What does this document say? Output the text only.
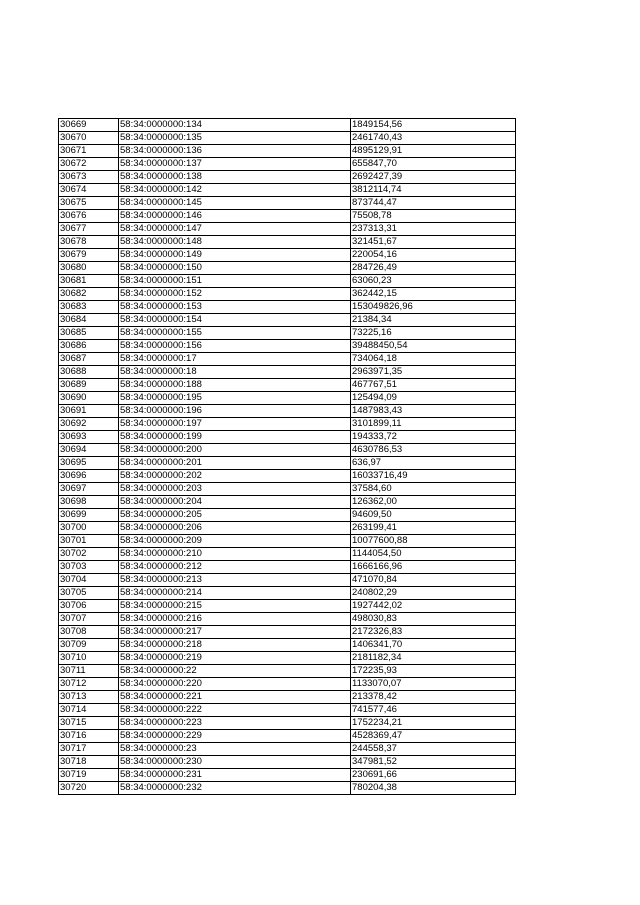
30669	58:34:0000000:134	1849154,56
30670	58:34:0000000:135	2461740,43
30671	58:34:0000000:136	4895129,91
30672	58:34:0000000:137	655847,70
30673	58:34:0000000:138	2692427,39
30674	58:34:0000000:142	3812114,74
30675	58:34:0000000:145	873744,47
30676	58:34:0000000:146	75508,78
30677	58:34:0000000:147	237313,31
30678	58:34:0000000:148	321451,67
30679	58:34:0000000:149	220054,16
30680	58:34:0000000:150	284726,49
30681	58:34:0000000:151	63060,23
30682	58:34:0000000:152	362442,15
30683	58:34:0000000:153	153049826,96
30684	58:34:0000000:154	21384,34
30685	58:34:0000000:155	73225,16
30686	58:34:0000000:156	39488450,54
30687	58:34:0000000:17	734064,18
30688	58:34:0000000:18	2963971,35
30689	58:34:0000000:188	467767,51
30690	58:34:0000000:195	125494,09
30691	58:34:0000000:196	1487983,43
30692	58:34:0000000:197	3101899,11
30693	58:34:0000000:199	194333,72
30694	58:34:0000000:200	4630786,53
30695	58:34:0000000:201	636,97
30696	58:34:0000000:202	16033716,49
30697	58:34:0000000:203	37584,60
30698	58:34:0000000:204	126362,00
30699	58:34:0000000:205	94609,50
30700	58:34:0000000:206	263199,41
30701	58:34:0000000:209	10077600,88
30702	58:34:0000000:210	1144054,50
30703	58:34:0000000:212	1666166,96
30704	58:34:0000000:213	471070,84
30705	58:34:0000000:214	240802,29
30706	58:34:0000000:215	1927442,02
30707	58:34:0000000:216	498030,83
30708	58:34:0000000:217	2172326,83
30709	58:34:0000000:218	1406341,70
30710	58:34:0000000:219	2181182,34
30711	58:34:0000000:22	172235,93
30712	58:34:0000000:220	1133070,07
30713	58:34:0000000:221	213378,42
30714	58:34:0000000:222	741577,46
30715	58:34:0000000:223	1752234,21
30716	58:34:0000000:229	4528369,47
30717	58:34:0000000:23	244558,37
30718	58:34:0000000:230	347981,52
30719	58:34:0000000:231	230691,66
30720	58:34:0000000:232	780204,38
